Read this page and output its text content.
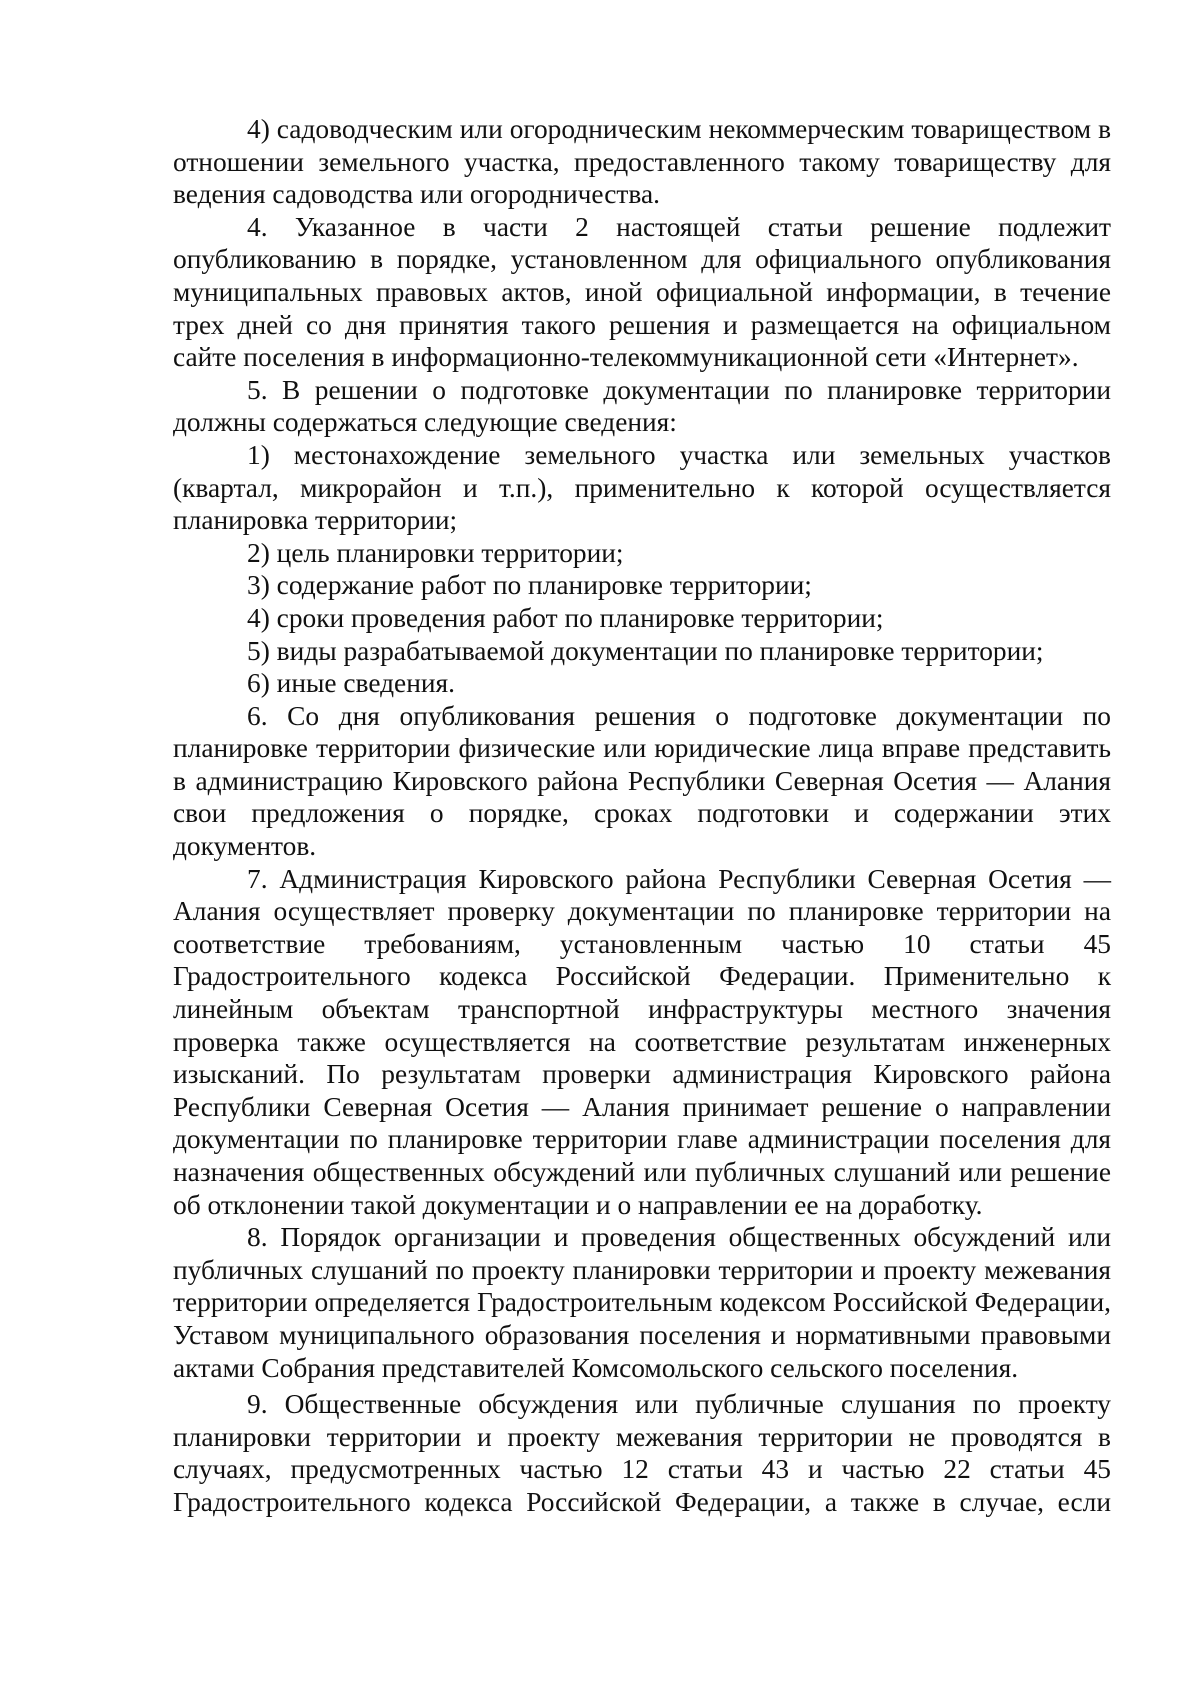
4) садоводческим или огородническим некоммерческим товариществом в отношении земельного участка, предоставленного такому товариществу для ведения садоводства или огородничества.

4. Указанное в части 2 настоящей статьи решение подлежит опубликованию в порядке, установленном для официального опубликования муниципальных правовых актов, иной официальной информации, в течение трех дней со дня принятия такого решения и размещается на официальном сайте поселения в информационно-телекоммуникационной сети «Интернет».

5. В решении о подготовке документации по планировке территории должны содержаться следующие сведения:

1) местонахождение земельного участка или земельных участков (квартал, микрорайон и т.п.), применительно к которой осуществляется планировка территории;

2) цель планировки территории;

3) содержание работ по планировке территории;

4) сроки проведения работ по планировке территории;

5) виды разрабатываемой документации по планировке территории;

6) иные сведения.

6. Со дня опубликования решения о подготовке документации по планировке территории физические или юридические лица вправе представить в администрацию Кировского района Республики Северная Осетия — Алания свои предложения о порядке, сроках подготовки и содержании этих документов.

7. Администрация Кировского района Республики Северная Осетия — Алания осуществляет проверку документации по планировке территории на соответствие требованиям, установленным частью 10 статьи 45 Градостроительного кодекса Российской Федерации. Применительно к линейным объектам транспортной инфраструктуры местного значения проверка также осуществляется на соответствие результатам инженерных изысканий. По результатам проверки администрация Кировского района Республики Северная Осетия — Алания принимает решение о направлении документации по планировке территории главе администрации поселения для назначения общественных обсуждений или публичных слушаний или решение об отклонении такой документации и о направлении ее на доработку.

8. Порядок организации и проведения общественных обсуждений или публичных слушаний по проекту планировки территории и проекту межевания территории определяется Градостроительным кодексом Российской Федерации, Уставом муниципального образования поселения и нормативными правовыми актами Собрания представителей Комсомольского сельского поселения.

9. Общественные обсуждения или публичные слушания по проекту планировки территории и проекту межевания территории не проводятся в случаях, предусмотренных частью 12 статьи 43 и частью 22 статьи 45 Градостроительного кодекса Российской Федерации, а также в случае, если
